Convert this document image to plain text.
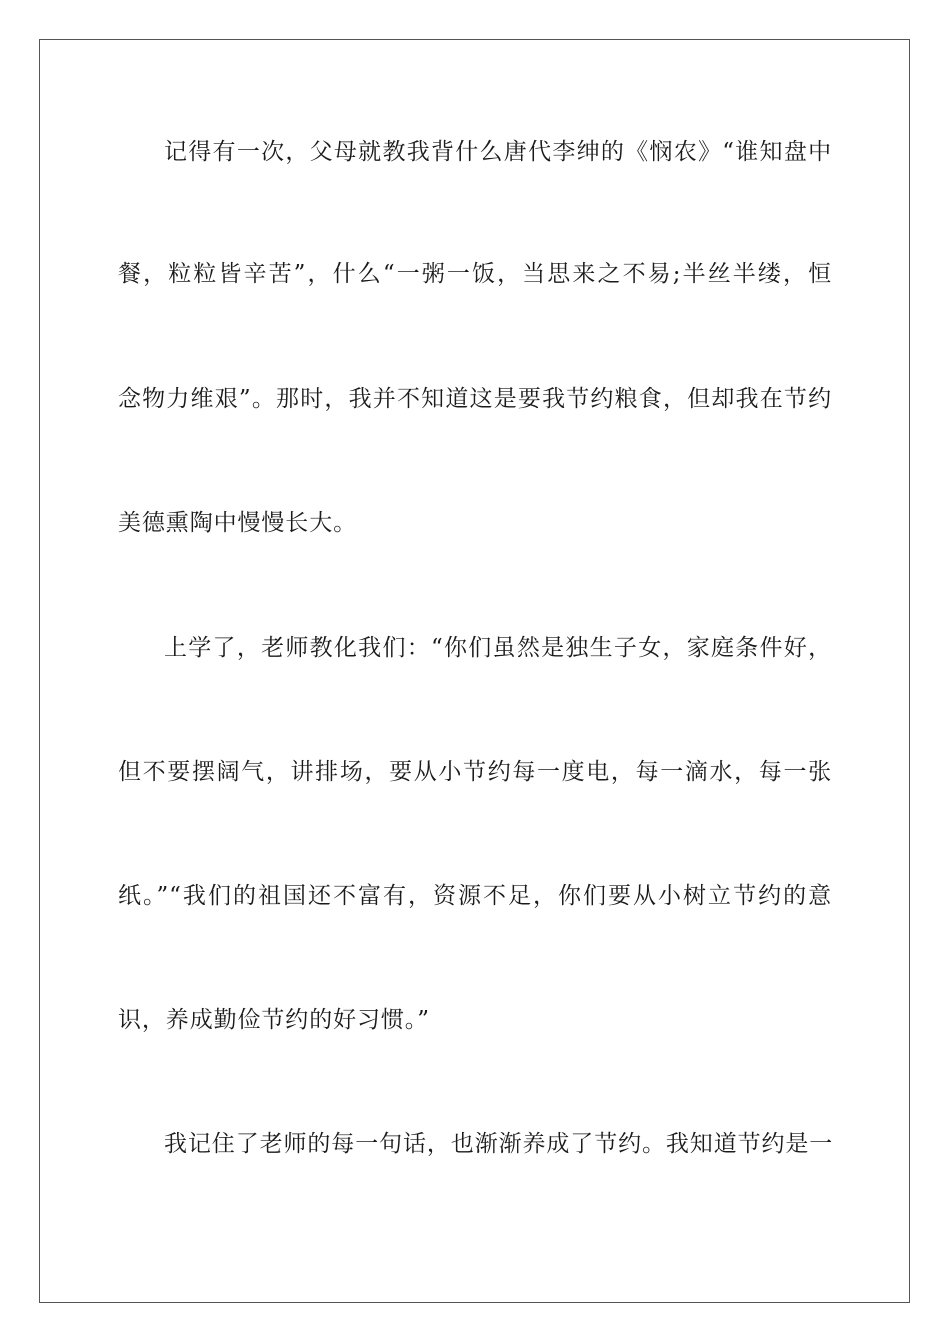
记得有一次，父母就教我背什么唐代李绅的《悯农》“谁知盘中
餐，粒粒皆辛苦”，什么“一粥一饭，当思来之不易;半丝半缕，恒
念物力维艰”。那时，我并不知道这是要我节约粮食，但却我在节约
美德熏陶中慢慢长大。
上学了，老师教化我们：“你们虽然是独生子女，家庭条件好，
但不要摆阔气，讲排场，要从小节约每一度电，每一滴水，每一张
纸。”“我们的祖国还不富有，资源不足，你们要从小树立节约的意
识，养成勤俭节约的好习惯。”
我记住了老师的每一句话，也渐渐养成了节约。我知道节约是一
